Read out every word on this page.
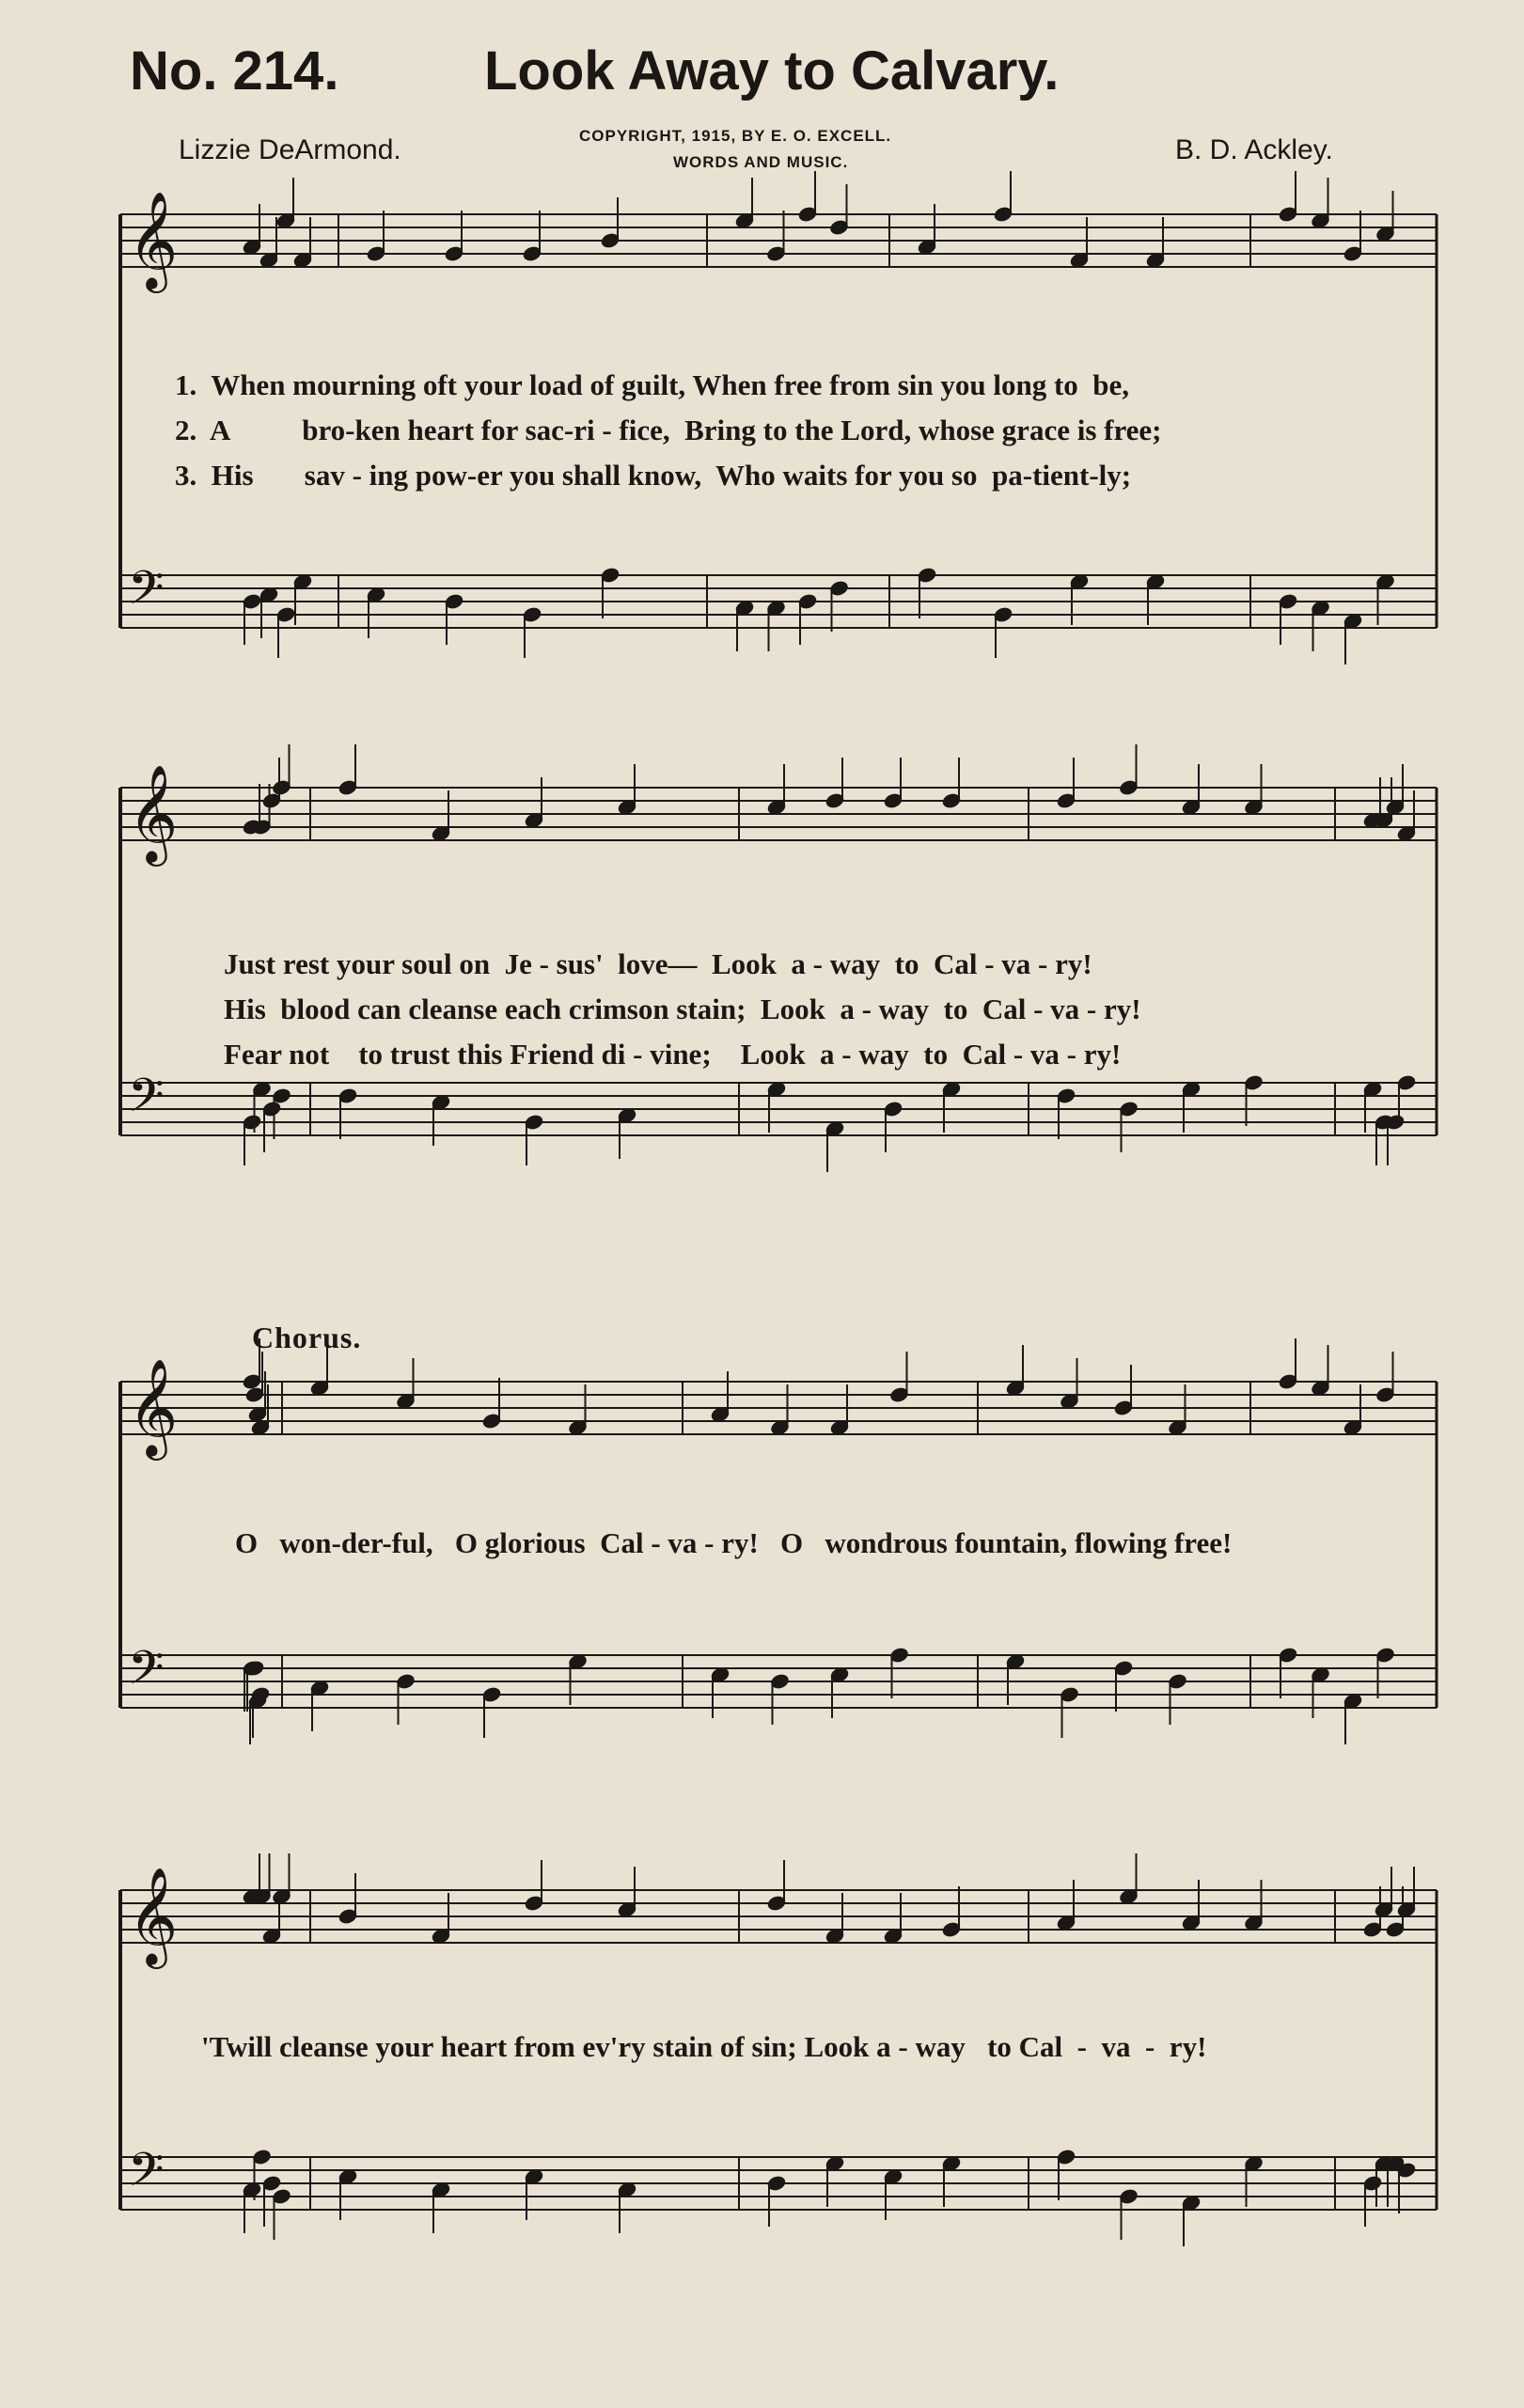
No. 214.	Look Away to Calvary.
Lizzie DeArmond.	COPYRIGHT, 1915, BY E. O. EXCELL.
WORDS AND MUSIC.	B. D. Ackley.
𝄞
𝄢
𝄞
𝄢
𝄞
𝄢
𝄞
𝄢
1.  When mourning oft your load of guilt, When free from sin you long to  be,
2.  A          bro-ken heart for sac-ri - fice,  Bring to the Lord, whose grace is free;
3.  His       sav - ing pow-er you shall know,  Who waits for you so  pa-tient-ly;
Just rest your soul on  Je - sus'  love—  Look  a - way  to  Cal - va - ry!
His  blood can cleanse each crimson stain;  Look  a - way  to  Cal - va - ry!
Fear not    to trust this Friend di - vine;    Look  a - way  to  Cal - va - ry!
Chorus.
O   won-der-ful,   O glorious  Cal - va - ry!   O   wondrous fountain, flowing free!
'Twill cleanse your heart from ev'ry stain of sin; Look a - way   to Cal  -  va  -  ry!
